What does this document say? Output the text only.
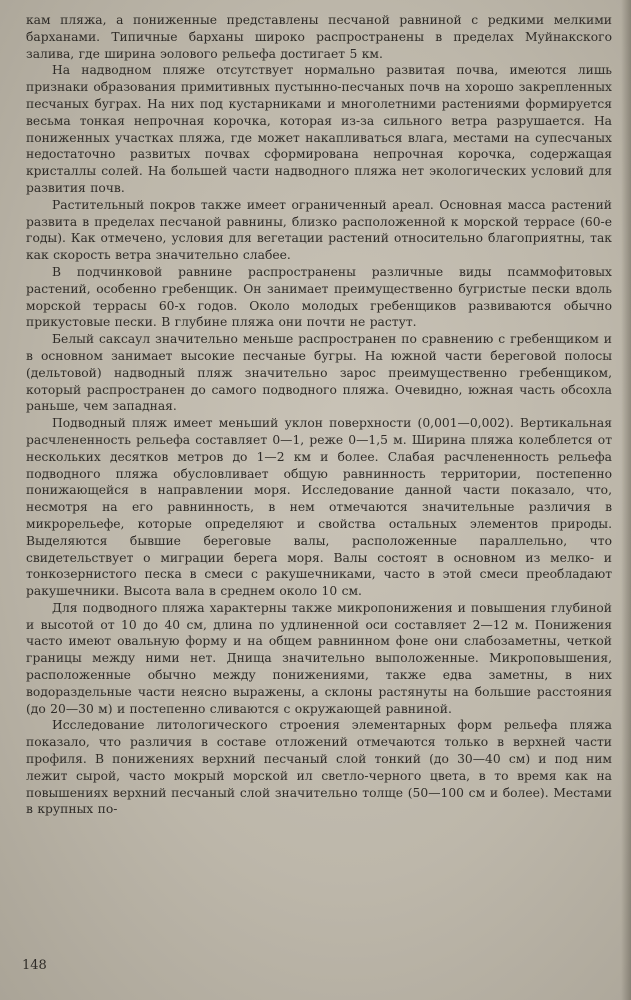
кам пляжа, а пониженные представлены песчаной равниной с редкими мелкими барханами. Типичные барханы широко распространены в пределах Муйнакского залива, где ширина эолового рельефа достигает 5 км.

На надводном пляже отсутствует нормально развитая почва, имеются лишь признаки образования примитивных пустынно-песчаных почв на хорошо закрепленных песчаных буграх. На них под кустарниками и многолетними растениями формируется весьма тонкая непрочная корочка, которая из-за сильного ветра разрушается. На пониженных участках пляжа, где может накапливаться влага, местами на супесчаных недостаточно развитых почвах сформирована непрочная корочка, содержащая кристаллы солей. На большей части надводного пляжа нет экологических условий для развития почв.

Растительный покров также имеет ограниченный ареал. Основная масса растений развита в пределах песчаной равнины, близко расположенной к морской террасе (60-е годы). Как отмечено, условия для вегетации растений относительно благоприятны, так как скорость ветра значительно слабее.

В подчинковой равнине распространены различные виды псаммофитовых растений, особенно гребенщик. Он занимает преимущественно бугристые пески вдоль морской террасы 60-х годов. Около молодых гребенщиков развиваются обычно прикустовые пески. В глубине пляжа они почти не растут.

Белый саксаул значительно меньше распространен по сравнению с гребенщиком и в основном занимает высокие песчаные бугры. На южной части береговой полосы (дельтовой) надводный пляж значительно зарос преимущественно гребенщиком, который распространен до самого подводного пляжа. Очевидно, южная часть обсохла раньше, чем западная.

Подводный пляж имеет меньший уклон поверхности (0,001—0,002). Вертикальная расчлененность рельефа составляет 0—1, реже 0—1,5 м. Ширина пляжа колеблется от нескольких десятков метров до 1—2 км и более. Слабая расчлененность рельефа подводного пляжа обусловливает общую равнинность территории, постепенно понижающейся в направлении моря. Исследование данной части показало, что, несмотря на его равнинность, в нем отмечаются значительные различия в микрорельефе, которые определяют и свойства остальных элементов природы. Выделяются бывшие береговые валы, расположенные параллельно, что свидетельствует о миграции берега моря. Валы состоят в основном из мелко- и тонкозернистого песка в смеси с ракушечниками, часто в этой смеси преобладают ракушечники. Высота вала в среднем около 10 см.

Для подводного пляжа характерны также микропонижения и повышения глубиной и высотой от 10 до 40 см, длина по удлиненной оси составляет 2—12 м. Понижения часто имеют овальную форму и на общем равнинном фоне они слабозаметны, четкой границы между ними нет. Днища значительно выположенные. Микроповышения, расположенные обычно между понижениями, также едва заметны, в них водораздельные части неясно выражены, а склоны растянуты на большие расстояния (до 20—30 м) и постепенно сливаются с окружающей равниной.

Исследование литологического строения элементарных форм рельефа пляжа показало, что различия в составе отложений отмечаются только в верхней части профиля. В понижениях верхний песчаный слой тонкий (до 30—40 см) и под ним лежит сырой, часто мокрый морской ил светло-черного цвета, в то время как на повышениях верхний песчаный слой значительно толще (50—100 см и более). Местами в крупных по-

148
